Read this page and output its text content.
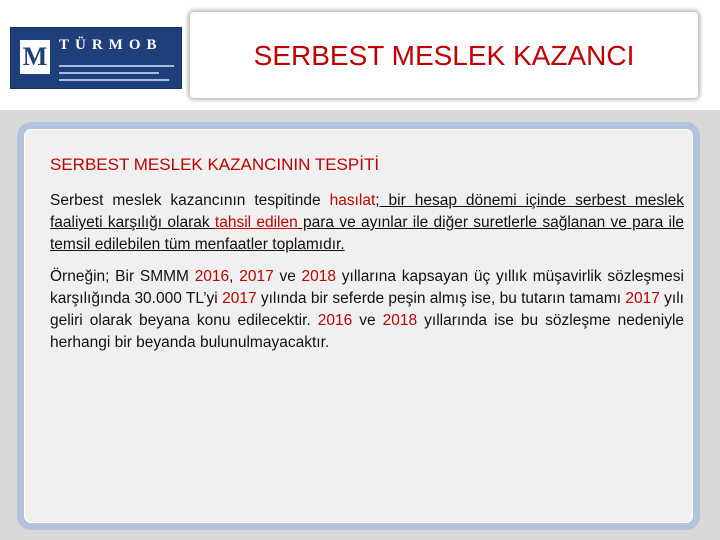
M TÜRMOB	SERBEST MESLEK KAZANCI
SERBEST MESLEK KAZANCININ TESPİTİ
Serbest meslek kazancının tespitinde hasılat; bir hesap dönemi içinde serbest meslek faaliyeti karşılığı olarak tahsil edilen para ve ayınlar ile diğer suretlerle sağlanan ve para ile temsil edilebilen tüm menfaatler toplamıdır.
Örneğin; Bir SMMM 2016, 2017 ve 2018 yıllarına kapsayan üç yıllık müşavirlik sözleşmesi karşılığında 30.000 TL’yi 2017 yılında bir seferde peşin almış ise, bu tutarın tamamı 2017 yılı geliri olarak beyana konu edilecektir. 2016 ve 2018 yıllarında ise bu sözleşme nedeniyle herhangi bir beyanda bulunulmayacaktır.
